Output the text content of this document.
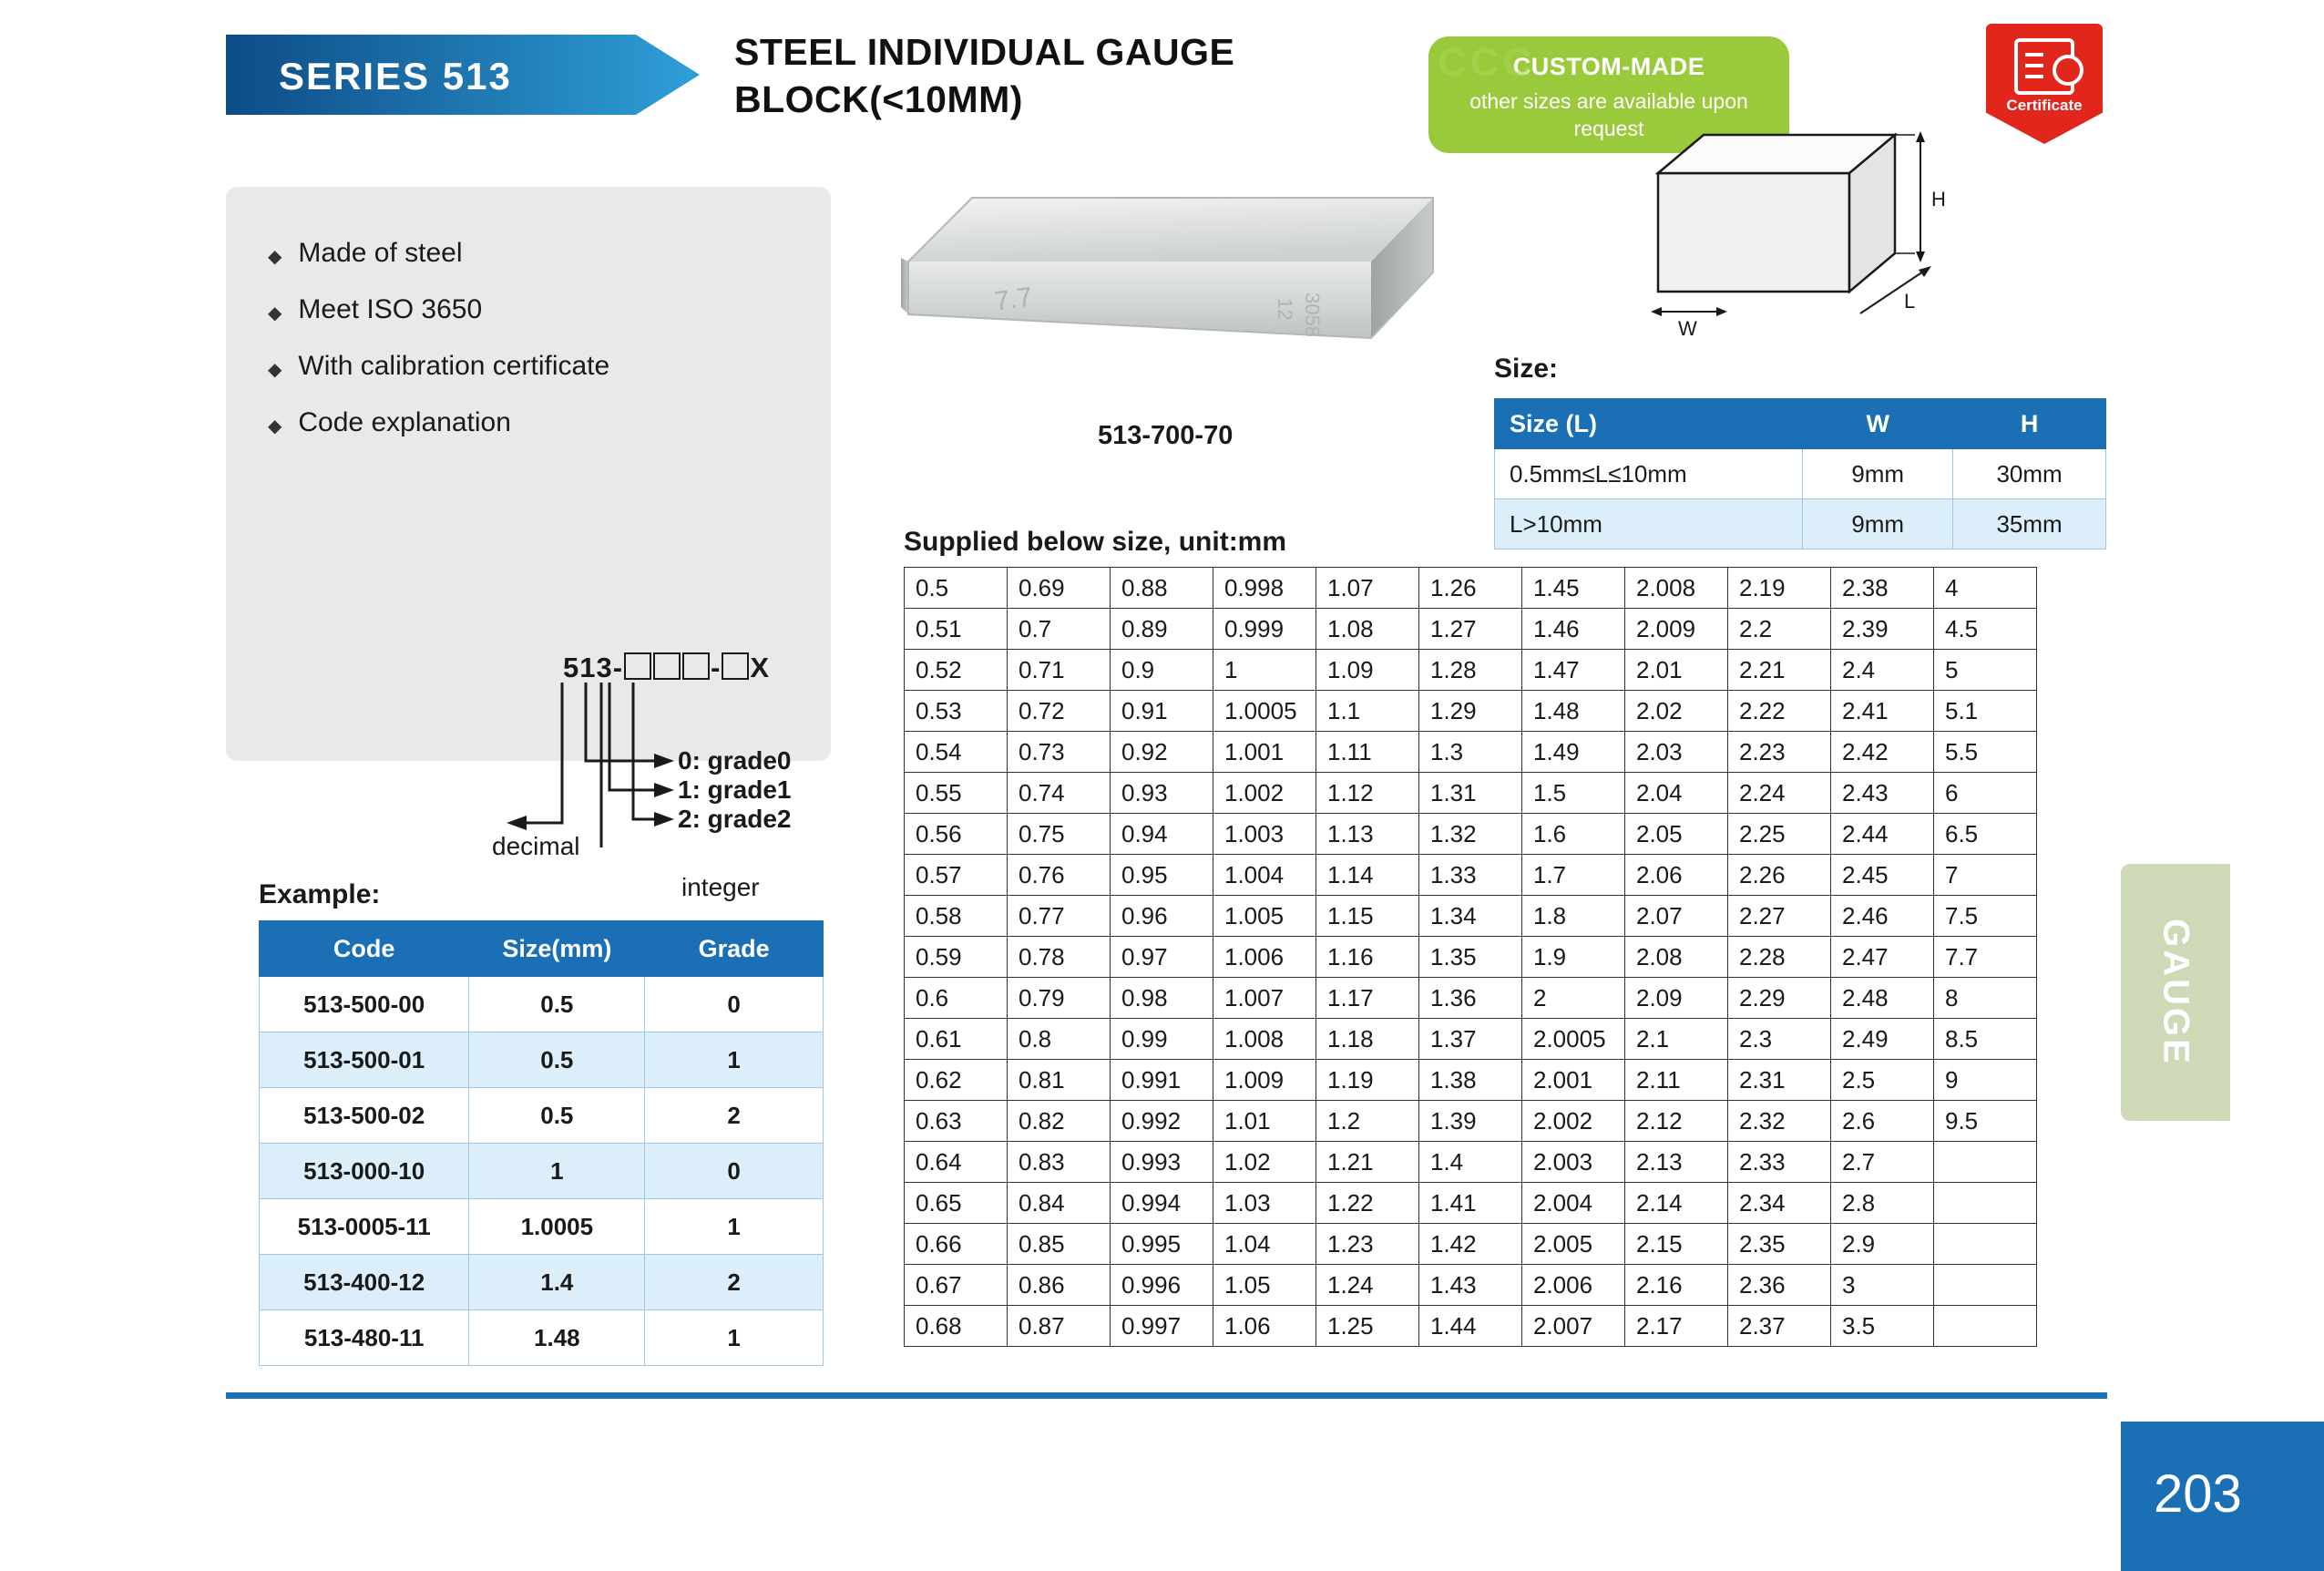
SERIES 513
STEEL INDIVIDUAL GAUGE BLOCK(<10MM)
CCC
CUSTOM-MADE
other sizes are available upon request
Certificate
◆ Made of steel
◆ Meet ISO 3650
◆ With calibration certificate
◆ Code explanation
513-	- X
0: grade0
1: grade1
2: grade2
decimal
integer
Example:
Code	Size(mm)	Grade
513-500-00	0.5	0
513-500-01	0.5	1
513-500-02	0.5	2
513-000-10	1	0
513-0005-11	1.0005	1
513-400-12	1.4	2
513-480-11	1.48	1
7.7	12 3058
513-700-70
H
L
W
Size:
Size (L)	W	H
0.5mm≤L≤10mm	9mm	30mm
L>10mm	9mm	35mm
Supplied below size, unit:mm
0.5	0.69	0.88	0.998	1.07	1.26	1.45	2.008	2.19	2.38	4
0.51	0.7	0.89	0.999	1.08	1.27	1.46	2.009	2.2	2.39	4.5
0.52	0.71	0.9	1	1.09	1.28	1.47	2.01	2.21	2.4	5
0.53	0.72	0.91	1.0005	1.1	1.29	1.48	2.02	2.22	2.41	5.1
0.54	0.73	0.92	1.001	1.11	1.3	1.49	2.03	2.23	2.42	5.5
0.55	0.74	0.93	1.002	1.12	1.31	1.5	2.04	2.24	2.43	6
0.56	0.75	0.94	1.003	1.13	1.32	1.6	2.05	2.25	2.44	6.5
0.57	0.76	0.95	1.004	1.14	1.33	1.7	2.06	2.26	2.45	7
0.58	0.77	0.96	1.005	1.15	1.34	1.8	2.07	2.27	2.46	7.5
0.59	0.78	0.97	1.006	1.16	1.35	1.9	2.08	2.28	2.47	7.7
0.6	0.79	0.98	1.007	1.17	1.36	2	2.09	2.29	2.48	8
0.61	0.8	0.99	1.008	1.18	1.37	2.0005	2.1	2.3	2.49	8.5
0.62	0.81	0.991	1.009	1.19	1.38	2.001	2.11	2.31	2.5	9
0.63	0.82	0.992	1.01	1.2	1.39	2.002	2.12	2.32	2.6	9.5
0.64	0.83	0.993	1.02	1.21	1.4	2.003	2.13	2.33	2.7	
0.65	0.84	0.994	1.03	1.22	1.41	2.004	2.14	2.34	2.8	
0.66	0.85	0.995	1.04	1.23	1.42	2.005	2.15	2.35	2.9	
0.67	0.86	0.996	1.05	1.24	1.43	2.006	2.16	2.36	3	
0.68	0.87	0.997	1.06	1.25	1.44	2.007	2.17	2.37	3.5	
GAUGE
203
